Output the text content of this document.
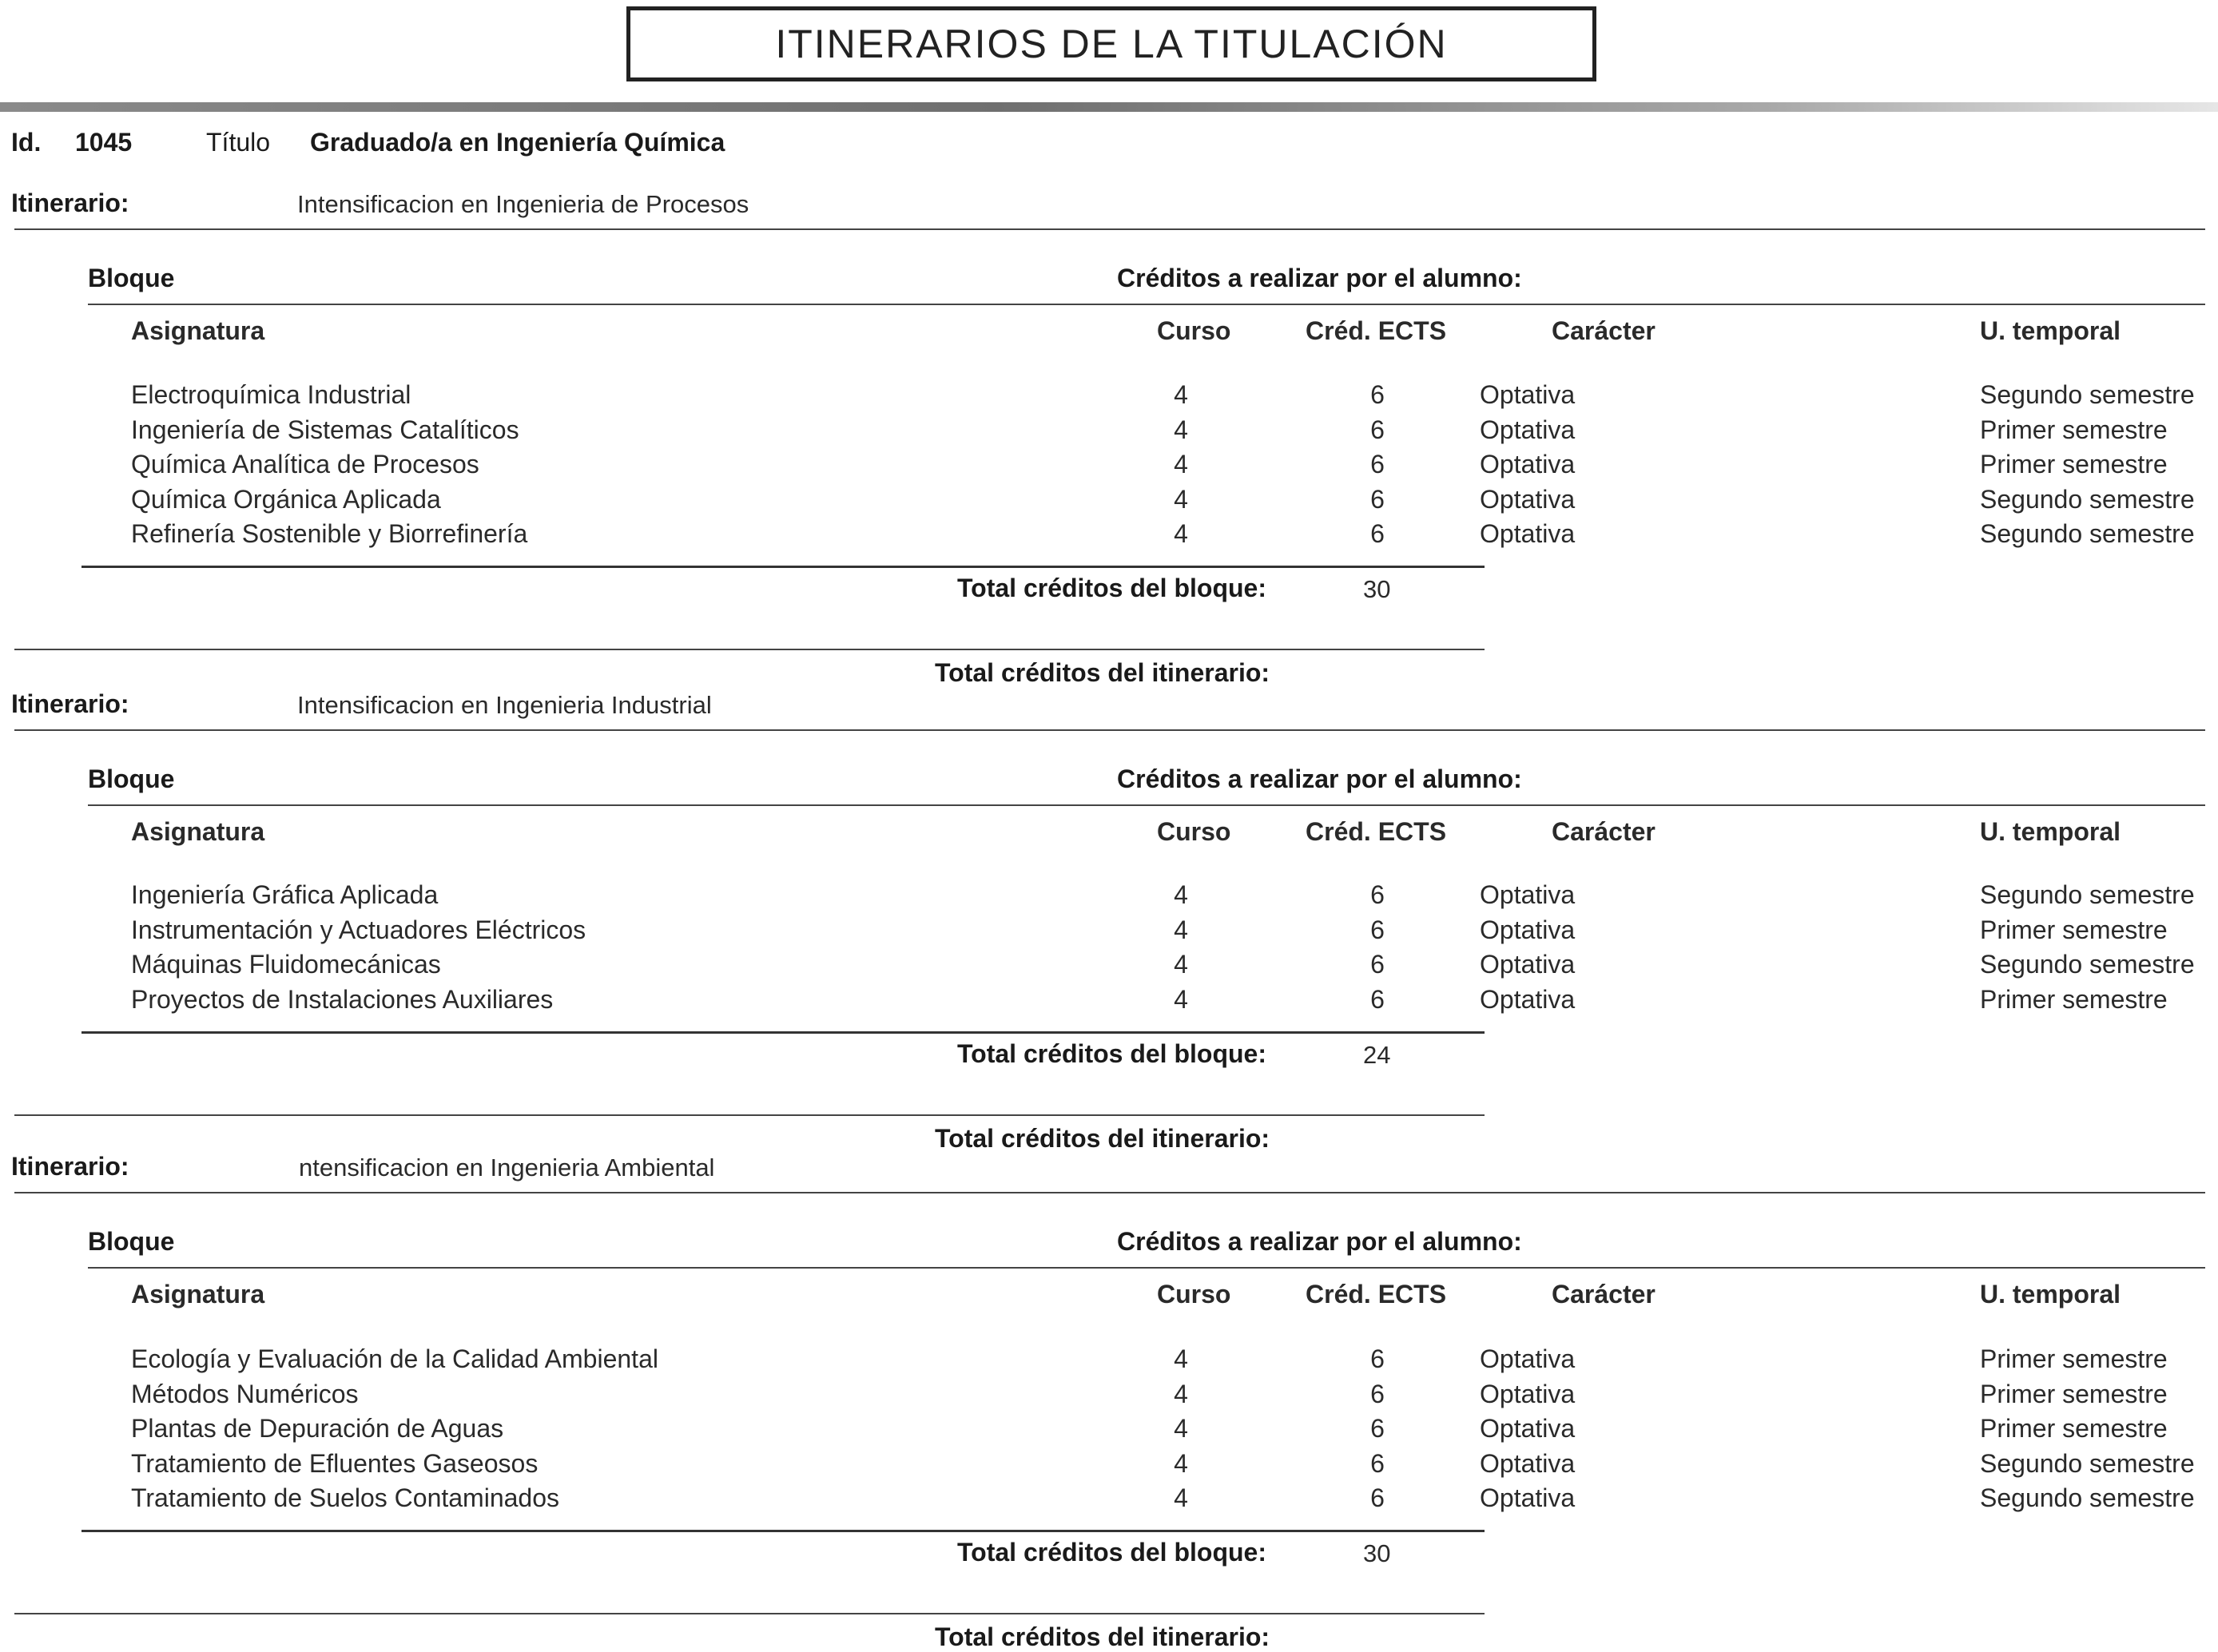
ITINERARIOS DE LA TITULACIÓN
Id. 1045	Título Graduado/a en Ingeniería Química
Itinerario:	Intensificacion en Ingenieria de Procesos
Bloque	Créditos a realizar por el alumno:
Asignatura	Curso	Créd. ECTS	Carácter	U. temporal
Electroquímica Industrial	4	6	Optativa	Segundo semestre
Ingeniería de Sistemas Catalíticos	4	6	Optativa	Primer semestre
Química Analítica de Procesos	4	6	Optativa	Primer semestre
Química Orgánica Aplicada	4	6	Optativa	Segundo semestre
Refinería Sostenible y Biorrefinería	4	6	Optativa	Segundo semestre
Total créditos del bloque:	30
Total créditos del itinerario:
Itinerario:	Intensificacion en Ingenieria Industrial
Bloque	Créditos a realizar por el alumno:
Asignatura	Curso	Créd. ECTS	Carácter	U. temporal
Ingeniería Gráfica Aplicada	4	6	Optativa	Segundo semestre
Instrumentación y Actuadores Eléctricos	4	6	Optativa	Primer semestre
Máquinas Fluidomecánicas	4	6	Optativa	Segundo semestre
Proyectos de Instalaciones Auxiliares	4	6	Optativa	Primer semestre
Total créditos del bloque:	24
Total créditos del itinerario:
Itinerario:	ntensificacion en Ingenieria Ambiental
Bloque	Créditos a realizar por el alumno:
Asignatura	Curso	Créd. ECTS	Carácter	U. temporal
Ecología y Evaluación de la Calidad Ambiental	4	6	Optativa	Primer semestre
Métodos Numéricos	4	6	Optativa	Primer semestre
Plantas de Depuración de Aguas	4	6	Optativa	Primer semestre
Tratamiento de Efluentes Gaseosos	4	6	Optativa	Segundo semestre
Tratamiento de Suelos Contaminados	4	6	Optativa	Segundo semestre
Total créditos del bloque:	30
Total créditos del itinerario:
